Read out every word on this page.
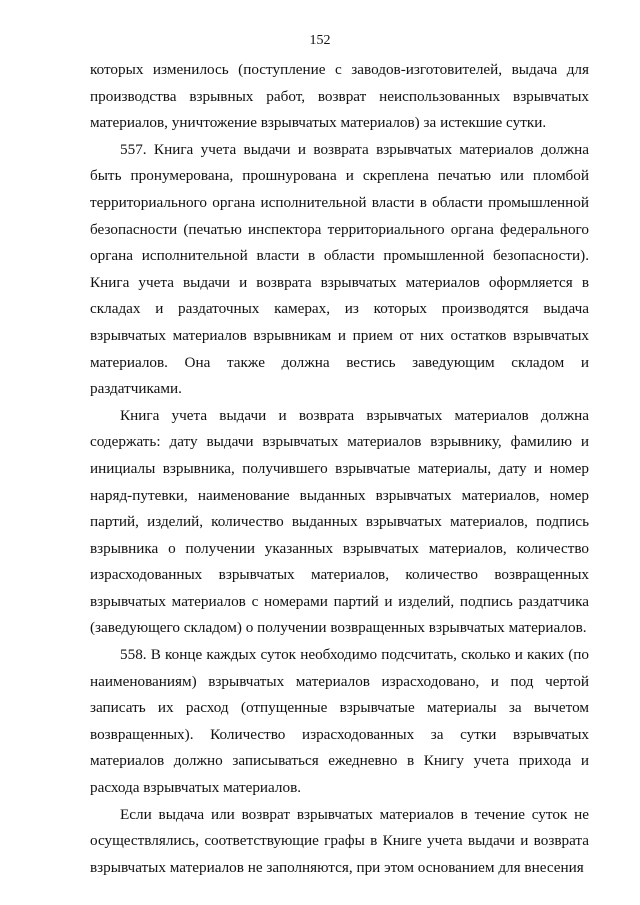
152

которых изменилось (поступление с заводов-изготовителей, выдача для производства взрывных работ, возврат неиспользованных взрывчатых материалов, уничтожение взрывчатых материалов) за истекшие сутки.

557. Книга учета выдачи и возврата взрывчатых материалов должна быть пронумерована, прошнурована и скреплена печатью или пломбой территориального органа исполнительной власти в области промышленной безопасности (печатью инспектора территориального органа федерального органа исполнительной власти в области промышленной безопасности). Книга учета выдачи и возврата взрывчатых материалов оформляется в складах и раздаточных камерах, из которых производятся выдача взрывчатых материалов взрывникам и прием от них остатков взрывчатых материалов. Она также должна вестись заведующим складом и раздатчиками.

Книга учета выдачи и возврата взрывчатых материалов должна содержать: дату выдачи взрывчатых материалов взрывнику, фамилию и инициалы взрывника, получившего взрывчатые материалы, дату и номер наряд-путевки, наименование выданных взрывчатых материалов, номер партий, изделий, количество выданных взрывчатых материалов, подпись взрывника о получении указанных взрывчатых материалов, количество израсходованных взрывчатых материалов, количество возвращенных взрывчатых материалов с номерами партий и изделий, подпись раздатчика (заведующего складом) о получении возвращенных взрывчатых материалов.

558. В конце каждых суток необходимо подсчитать, сколько и каких (по наименованиям) взрывчатых материалов израсходовано, и под чертой записать их расход (отпущенные взрывчатые материалы за вычетом возвращенных). Количество израсходованных за сутки взрывчатых материалов должно записываться ежедневно в Книгу учета прихода и расхода взрывчатых материалов.

Если выдача или возврат взрывчатых материалов в течение суток не осуществлялись, соответствующие графы в Книге учета выдачи и возврата взрывчатых материалов не заполняются, при этом основанием для внесения
